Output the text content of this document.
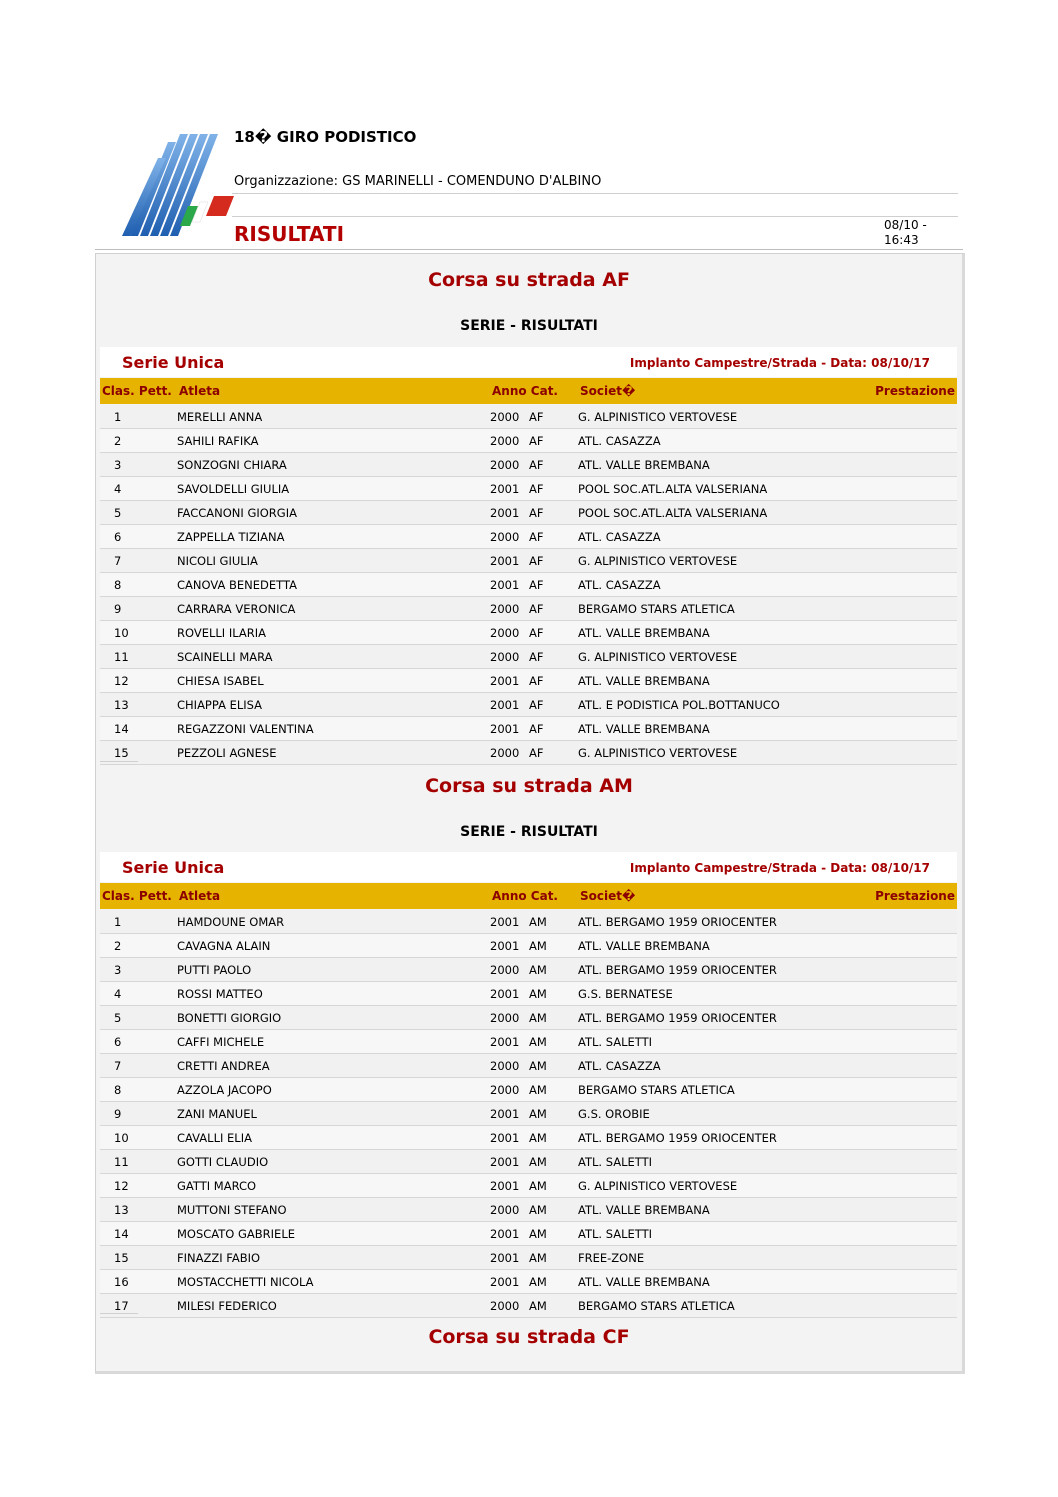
18� GIRO PODISTICO
Organizzazione: GS MARINELLI - COMENDUNO D'ALBINO
RISULTATI	08/10 -
16:43
Corsa su strada AF
SERIE - RISULTATI
Serie Unica	Implanto Campestre/Strada - Data: 08/10/17
Clas. Pett. Atleta	Anno Cat. Societ�	Prestazione
1	MERELLI ANNA	2000 AF	G. ALPINISTICO VERTOVESE
2	SAHILI RAFIKA	2000 AF	ATL. CASAZZA
3	SONZOGNI CHIARA	2000 AF	ATL. VALLE BREMBANA
4	SAVOLDELLI GIULIA	2001 AF	POOL SOC.ATL.ALTA VALSERIANA
5	FACCANONI GIORGIA	2001 AF	POOL SOC.ATL.ALTA VALSERIANA
6	ZAPPELLA TIZIANA	2000 AF	ATL. CASAZZA
7	NICOLI GIULIA	2001 AF	G. ALPINISTICO VERTOVESE
8	CANOVA BENEDETTA	2001 AF	ATL. CASAZZA
9	CARRARA VERONICA	2000 AF	BERGAMO STARS ATLETICA
10	ROVELLI ILARIA	2000 AF	ATL. VALLE BREMBANA
11	SCAINELLI MARA	2000 AF	G. ALPINISTICO VERTOVESE
12	CHIESA ISABEL	2001 AF	ATL. VALLE BREMBANA
13	CHIAPPA ELISA	2001 AF	ATL. E PODISTICA POL.BOTTANUCO
14	REGAZZONI VALENTINA	2001 AF	ATL. VALLE BREMBANA
15	PEZZOLI AGNESE	2000 AF	G. ALPINISTICO VERTOVESE
Corsa su strada AM
SERIE - RISULTATI
Serie Unica	Implanto Campestre/Strada - Data: 08/10/17
Clas. Pett. Atleta	Anno Cat. Societ�	Prestazione
1	HAMDOUNE OMAR	2001 AM	ATL. BERGAMO 1959 ORIOCENTER
2	CAVAGNA ALAIN	2001 AM	ATL. VALLE BREMBANA
3	PUTTI PAOLO	2000 AM	ATL. BERGAMO 1959 ORIOCENTER
4	ROSSI MATTEO	2001 AM	G.S. BERNATESE
5	BONETTI GIORGIO	2000 AM	ATL. BERGAMO 1959 ORIOCENTER
6	CAFFI MICHELE	2001 AM	ATL. SALETTI
7	CRETTI ANDREA	2000 AM	ATL. CASAZZA
8	AZZOLA JACOPO	2000 AM	BERGAMO STARS ATLETICA
9	ZANI MANUEL	2001 AM	G.S. OROBIE
10	CAVALLI ELIA	2001 AM	ATL. BERGAMO 1959 ORIOCENTER
11	GOTTI CLAUDIO	2001 AM	ATL. SALETTI
12	GATTI MARCO	2001 AM	G. ALPINISTICO VERTOVESE
13	MUTTONI STEFANO	2000 AM	ATL. VALLE BREMBANA
14	MOSCATO GABRIELE	2001 AM	ATL. SALETTI
15	FINAZZI FABIO	2001 AM	FREE-ZONE
16	MOSTACCHETTI NICOLA	2001 AM	ATL. VALLE BREMBANA
17	MILESI FEDERICO	2000 AM	BERGAMO STARS ATLETICA
Corsa su strada CF
